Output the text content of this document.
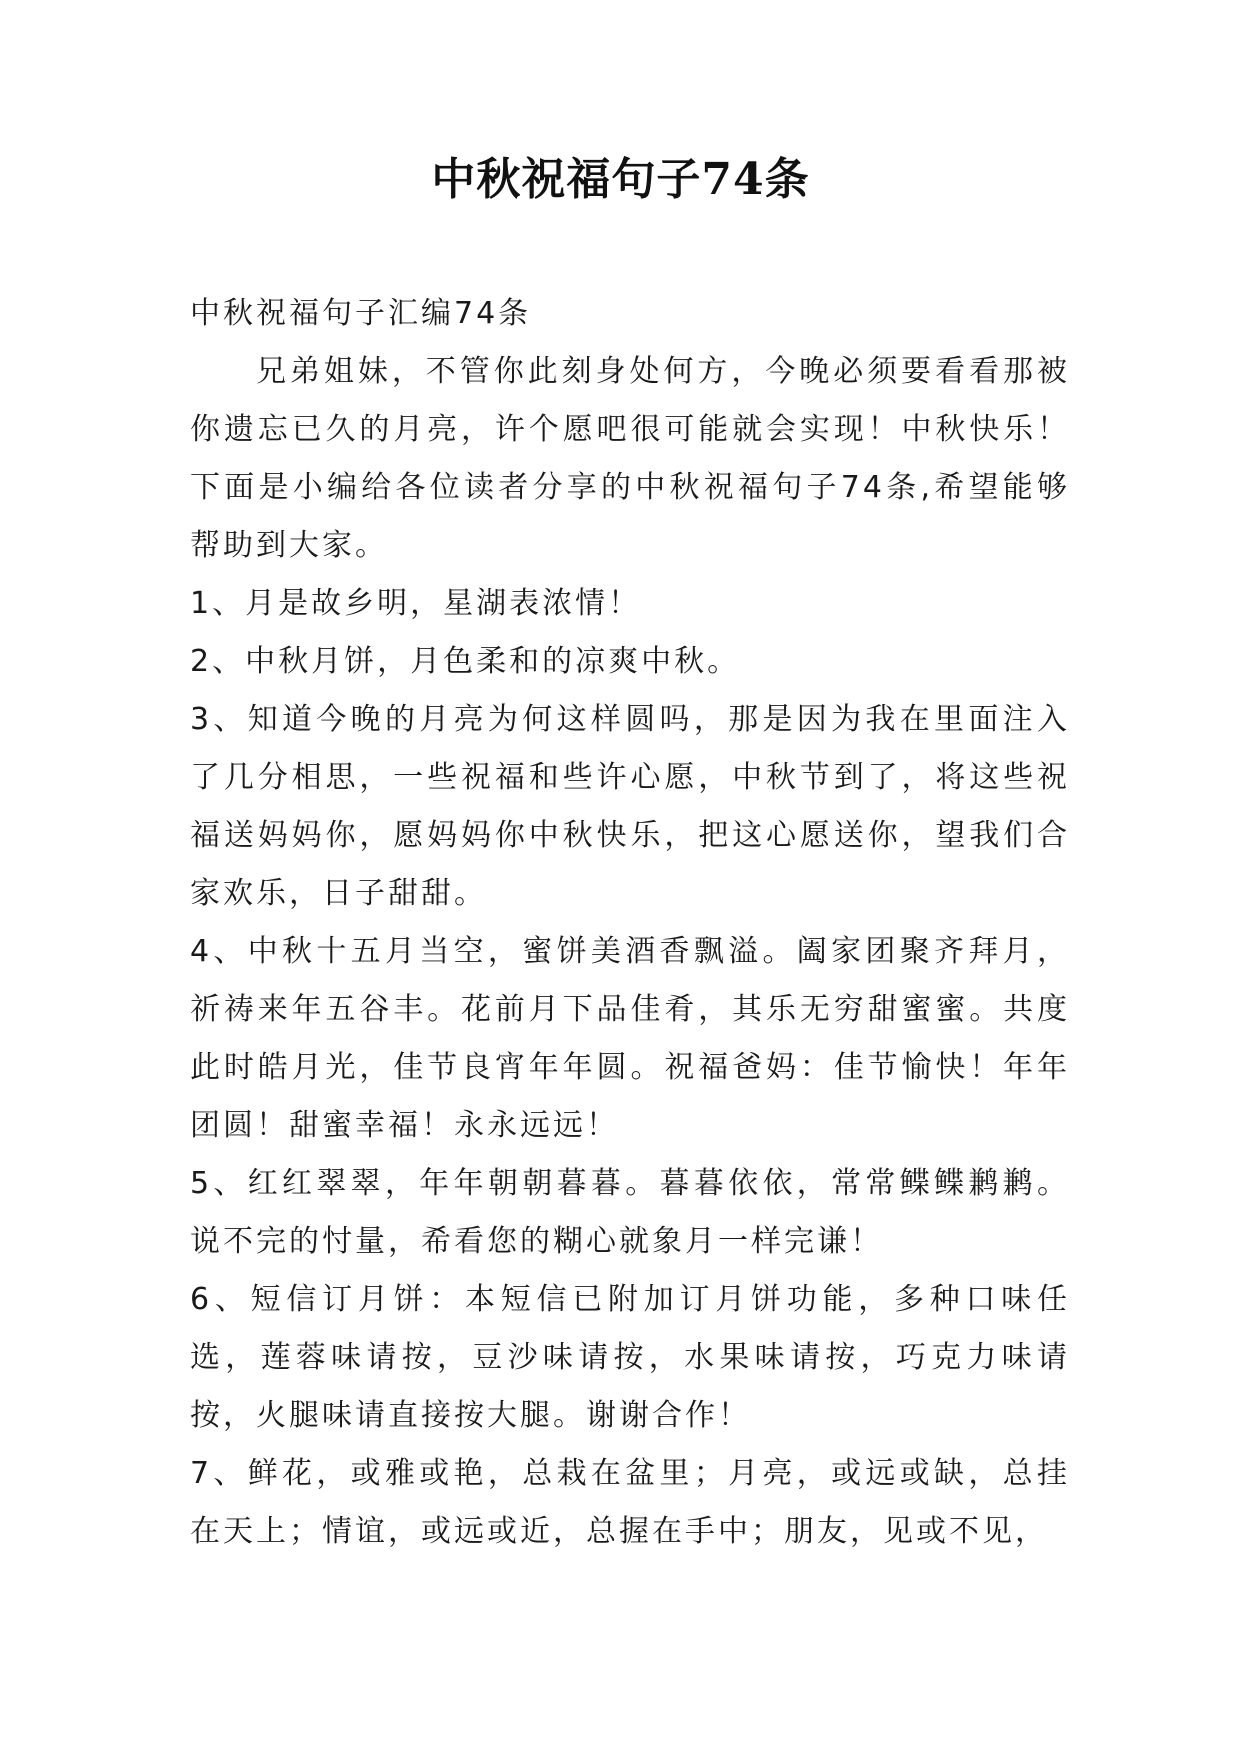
中秋祝福句子74条

中秋祝福句子汇编74条

兄弟姐妹，不管你此刻身处何方，今晚必须要看看那被你遗忘已久的月亮，许个愿吧很可能就会实现！中秋快乐！下面是小编给各位读者分享的中秋祝福句子74条,希望能够帮助到大家。

1、月是故乡明，星湖表浓情！

2、中秋月饼，月色柔和的凉爽中秋。

3、知道今晚的月亮为何这样圆吗，那是因为我在里面注入了几分相思，一些祝福和些许心愿，中秋节到了，将这些祝福送妈妈你，愿妈妈你中秋快乐，把这心愿送你，望我们合家欢乐，日子甜甜。

4、中秋十五月当空，蜜饼美酒香飘溢。阖家团聚齐拜月，祈祷来年五谷丰。花前月下品佳肴，其乐无穷甜蜜蜜。共度此时皓月光，佳节良宵年年圆。祝福爸妈：佳节愉快！年年团圆！甜蜜幸福！永永远远！

5、红红翠翠，年年朝朝暮暮。暮暮依依，常常鲽鲽鹣鹣。说不完的忖量，希看您的糊心就象月一样完谦！

6、短信订月饼：本短信已附加订月饼功能，多种口味任选，莲蓉味请按，豆沙味请按，水果味请按，巧克力味请按，火腿味请直接按大腿。谢谢合作！

7、鲜花，或雅或艳，总栽在盆里；月亮，或远或缺，总挂在天上；情谊，或远或近，总握在手中；朋友，见或不见，
